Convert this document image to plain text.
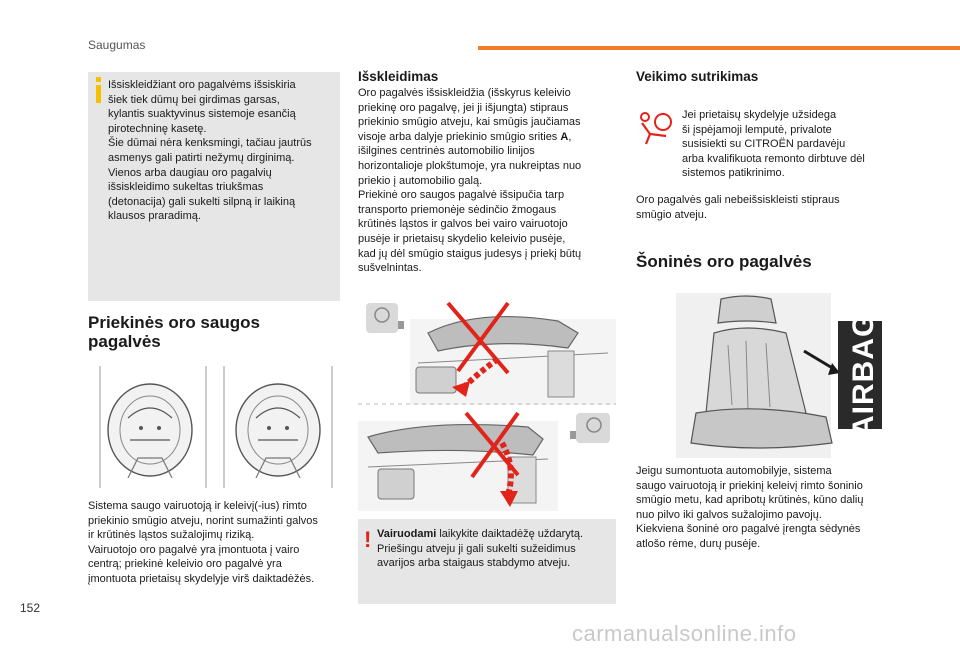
Saugumas
Išsiskleidžiant oro pagalvėms išsiskiria
šiek tiek dūmų bei girdimas garsas,
kylantis suaktyvinus sistemoje esančią
pirotechninę kasetę.
Šie dūmai nėra kenksmingi, tačiau jautrūs
asmenys gali patirti nežymų dirginimą.
Vienos arba daugiau oro pagalvių
išsiskleidimo sukeltas triukšmas
(detonacija) gali sukelti silpną ir laikiną
klausos praradimą.
Priekinės oro saugos
pagalvės
Sistema saugo vairuotoją ir keleivį(-ius) rimto
priekinio smūgio atveju, norint sumažinti galvos
ir krūtinės ląstos sužalojimų riziką.
Vairuotojo oro pagalvė yra įmontuota į vairo
centrą; priekinė keleivio oro pagalvė yra
įmontuota prietaisų skydelyje virš daiktadėžės.
Išskleidimas
Oro pagalvės išsiskleidžia (išskyrus keleivio
priekinę oro pagalvę, jei ji išjungta) stipraus
priekinio smūgio atveju, kai smūgis jaučiamas
visoje arba dalyje priekinio smūgio srities A,
išilgines centrinės automobilio linijos
horizontalioje plokštumoje, yra nukreiptas nuo
priekio į automobilio galą.
Priekinė oro saugos pagalvė išsipučia tarp
transporto priemonėje sėdinčio žmogaus
krūtinės ląstos ir galvos bei vairo vairuotojo
pusėje ir prietaisų skydelio keleivio pusėje,
kad jų dėl smūgio staigus judesys į priekį būtų
sušvelnintas.
! Vairuodami laikykite daiktadėžę uždarytą. Priešingu atveju ji gali sukelti sužeidimus avarijos arba staigaus stabdymo atveju.
Veikimo sutrikimas
Jei prietaisų skydelyje užsidega
ši įspėjamoji lemputė, privalote
susisiekti su CITROËN pardavėju
arba kvalifikuota remonto dirbtuve dėl
sistemos patikrinimo.
Oro pagalvės gali nebeišsiskleisti stipraus
smūgio atveju.
Šoninės oro pagalvės
AIRBAG
Jeigu sumontuota automobilyje, sistema
saugo vairuotoją ir priekinį keleivį rimto šoninio
smūgio metu, kad apribotų krūtinės, kūno dalių
nuo pilvo iki galvos sužalojimo pavojų.
Kiekviena šoninė oro pagalvė įrengta sėdynės
atlošo rėme, durų pusėje.
152
carmanualsonline.info
